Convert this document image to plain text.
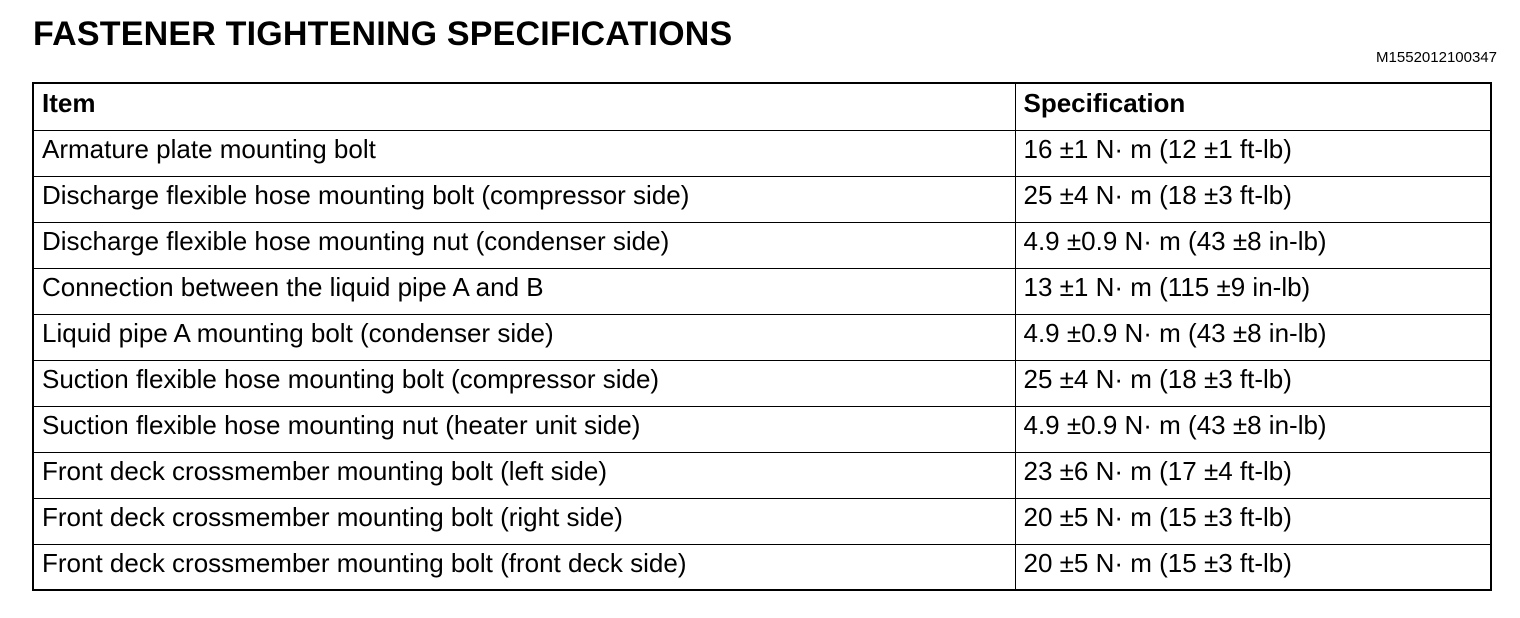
FASTENER TIGHTENING SPECIFICATIONS
M1552012100347
Item	Specification
Armature plate mounting bolt	16 ±1 N· m (12 ±1 ft-lb)
Discharge flexible hose mounting bolt (compressor side)	25 ±4 N· m (18 ±3 ft-lb)
Discharge flexible hose mounting nut (condenser side)	4.9 ±0.9 N· m (43 ±8 in-lb)
Connection between the liquid pipe A and B	13 ±1 N· m (115 ±9 in-lb)
Liquid pipe A mounting bolt (condenser side)	4.9 ±0.9 N· m (43 ±8 in-lb)
Suction flexible hose mounting bolt (compressor side)	25 ±4 N· m (18 ±3 ft-lb)
Suction flexible hose mounting nut (heater unit side)	4.9 ±0.9 N· m (43 ±8 in-lb)
Front deck crossmember mounting bolt (left side)	23 ±6 N· m (17 ±4 ft-lb)
Front deck crossmember mounting bolt (right side)	20 ±5 N· m (15 ±3 ft-lb)
Front deck crossmember mounting bolt (front deck side)	20 ±5 N· m (15 ±3 ft-lb)
